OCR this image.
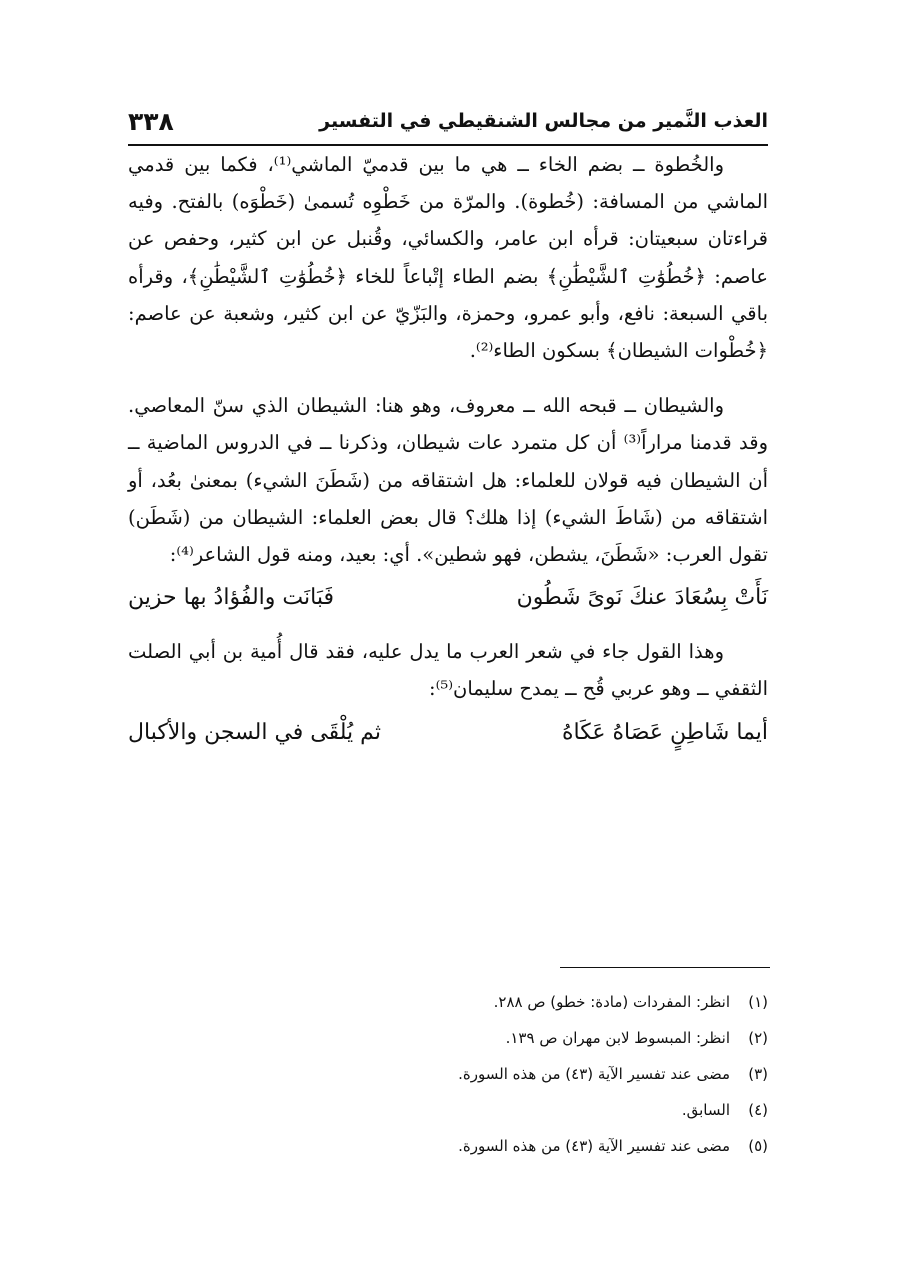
العذب النَّمير من مجالس الشنقيطي في التفسير
٣٣٨

والخُطوة ــ بضم الخاء ــ هي ما بين قدميّ الماشي⁽¹⁾، فكما بين قدمي الماشي من المسافة: (خُطوة). والمرّة من خَطْوِه تُسمىٰ (خَطْوَه) بالفتح. وفيه قراءتان سبعيتان: قرأه ابن عامر، والكسائي، وقُنبل عن ابن كثير، وحفص عن عاصم: ﴿خُطُوَٰتِ ٱلشَّيْطَٰنِ﴾ بضم الطاء إتْباعاً للخاء ﴿خُطُوَٰتِ ٱلشَّيْطَٰنِ﴾، وقرأه باقي السبعة: نافع، وأبو عمرو، وحمزة، والبَزّيّ عن ابن كثير، وشعبة عن عاصم: ﴿خُطْوات الشيطان﴾ بسكون الطاء⁽²⁾.

والشيطان ــ قبحه الله ــ معروف، وهو هنا: الشيطان الذي سنّ المعاصي. وقد قدمنا مراراً⁽³⁾ أن كل متمرد عات شيطان، وذكرنا ــ في الدروس الماضية ــ أن الشيطان فيه قولان للعلماء: هل اشتقاقه من (شَطَنَ الشيء) بمعنىٰ بعُد، أو اشتقاقه من (شَاطَ الشيء) إذا هلك؟ قال بعض العلماء: الشيطان من (شَطَن) تقول العرب: «شَطَنَ، يشطن، فهو شطين». أي: بعيد، ومنه قول الشاعر⁽⁴⁾:

نَأَتْ بِسُعَادَ عنكَ نَوىً شَطُون
فَبَانَت والفُؤادُ بها حزين

وهذا القول جاء في شعر العرب ما يدل عليه، فقد قال أُمية بن أبي الصلت الثقفي ــ وهو عربي قُح ــ يمدح سليمان⁽⁵⁾:

أيما شَاطِنٍ عَصَاهُ عَكَاهُ
ثم يُلْقَى في السجن والأكبال
(١)
انظر: المفردات (مادة: خطو) ص ٢٨٨.
(٢)
انظر: المبسوط لابن مهران ص ١٣٩.
(٣)
مضى عند تفسير الآية (٤٣) من هذه السورة.
(٤)
السابق.
(٥)
مضى عند تفسير الآية (٤٣) من هذه السورة.
